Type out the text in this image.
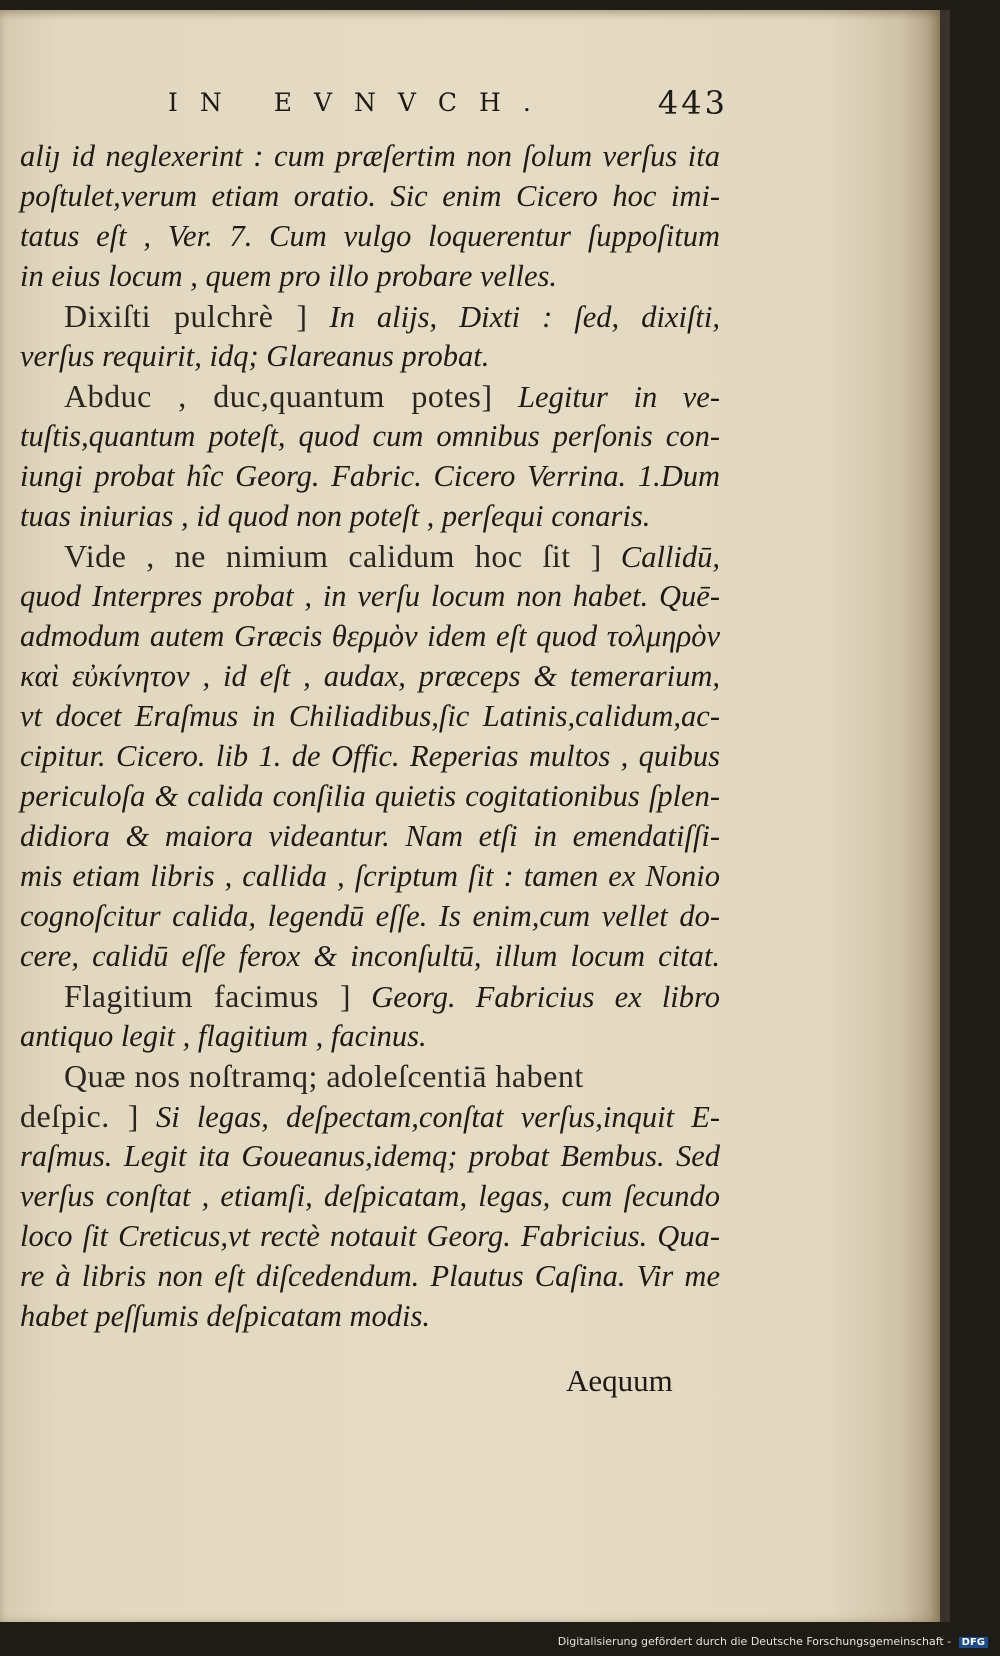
IN EVNVCH.	443
aliȷ id neglexerint : cum præſertim non ſolum verſus ita
poſtulet,verum etiam oratio. Sic enim Cicero hoc imi-
tatus eſt , Ver. 7. Cum vulgo loquerentur ſuppoſitum
in eius locum , quem pro illo probare velles.
Dixiſti pulchrè ] In alijs, Dixti : ſed, dixiſti,
verſus requirit, idq; Glareanus probat.
Abduc , duc,quantum potes] Legitur in ve-
tuſtis,quantum poteſt, quod cum omnibus perſonis con-
iungi probat hîc Georg. Fabric. Cicero Verrina. 1.Dum
tuas iniurias , id quod non poteſt , perſequi conaris.
Vide , ne nimium calidum hoc ſit ] Callidū,
quod Interpres probat , in verſu locum non habet. Quē-
admodum autem Græcis θερμὸν idem eſt quod τολμηρὸν
καὶ εὐκίνητον , id eſt , audax, præceps & temerarium,
vt docet Eraſmus in Chiliadibus,ſic Latinis,calidum,ac-
cipitur. Cicero. lib 1. de Offic. Reperias multos , quibus
periculoſa & calida conſilia quietis cogitationibus ſplen-
didiora & maiora videantur. Nam etſi in emendatiſſi-
mis etiam libris , callida , ſcriptum ſit : tamen ex Nonio
cognoſcitur calida, legendū eſſe. Is enim,cum vellet do-
cere, calidū eſſe ferox & inconſultū, illum locum citat.
Flagitium facimus ] Georg. Fabricius ex libro
antiquo legit , flagitium , facinus.
Quæ nos noſtramq; adoleſcentiā habent
deſpic. ] Si legas, deſpectam,conſtat verſus,inquit E-
raſmus. Legit ita Goueanus,idemq; probat Bembus. Sed
verſus conſtat , etiamſi, deſpicatam, legas, cum ſecundo
loco ſit Creticus,vt rectè notauit Georg. Fabricius. Qua-
re à libris non eſt diſcedendum. Plautus Caſina. Vir me
habet peſſumis deſpicatam modis.
Aequum
Digitalisierung gefördert durch die Deutsche Forschungsgemeinschaft - DFG
